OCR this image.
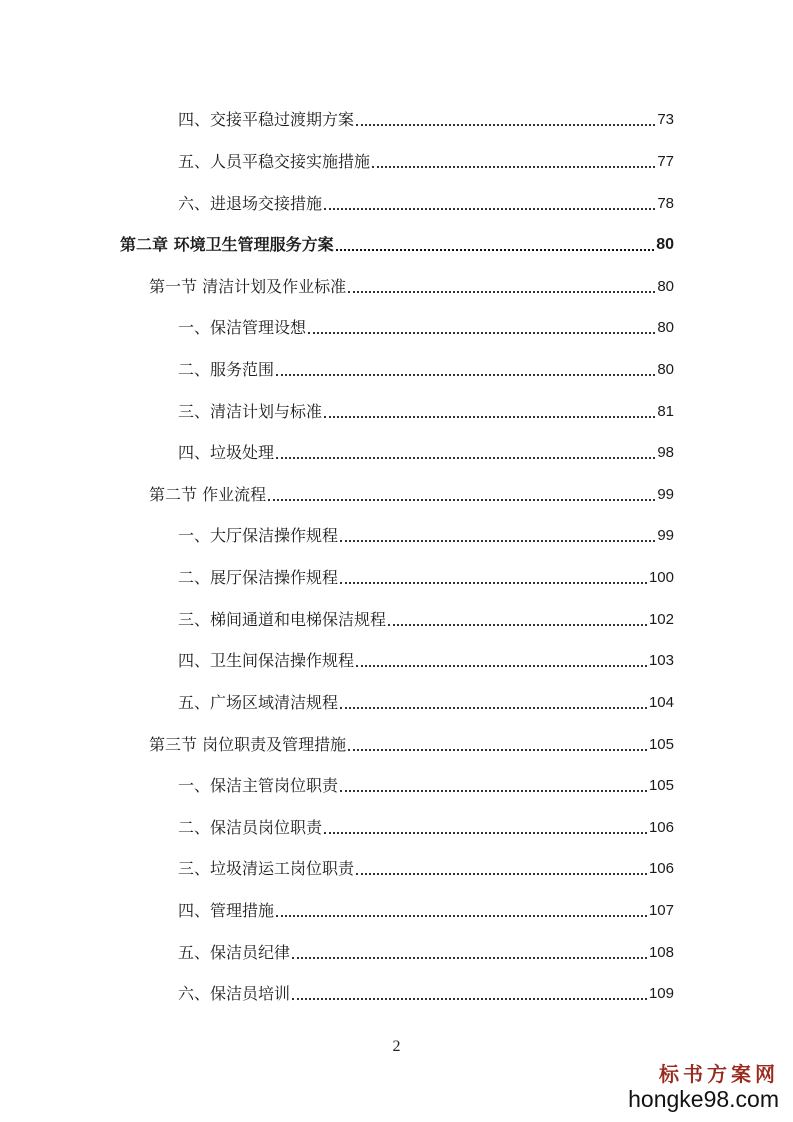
四、交接平稳过渡期方案	73
五、人员平稳交接实施措施	77
六、进退场交接措施	78
第二章 环境卫生管理服务方案	80
第一节 清洁计划及作业标准	80
一、保洁管理设想	80
二、服务范围	80
三、清洁计划与标准	81
四、垃圾处理	98
第二节 作业流程	99
一、大厅保洁操作规程	99
二、展厅保洁操作规程	100
三、梯间通道和电梯保洁规程	102
四、卫生间保洁操作规程	103
五、广场区域清洁规程	104
第三节 岗位职责及管理措施	105
一、保洁主管岗位职责	105
二、保洁员岗位职责	106
三、垃圾清运工岗位职责	106
四、管理措施	107
五、保洁员纪律	108
六、保洁员培训	109
2
标书方案网
hongke98.com
